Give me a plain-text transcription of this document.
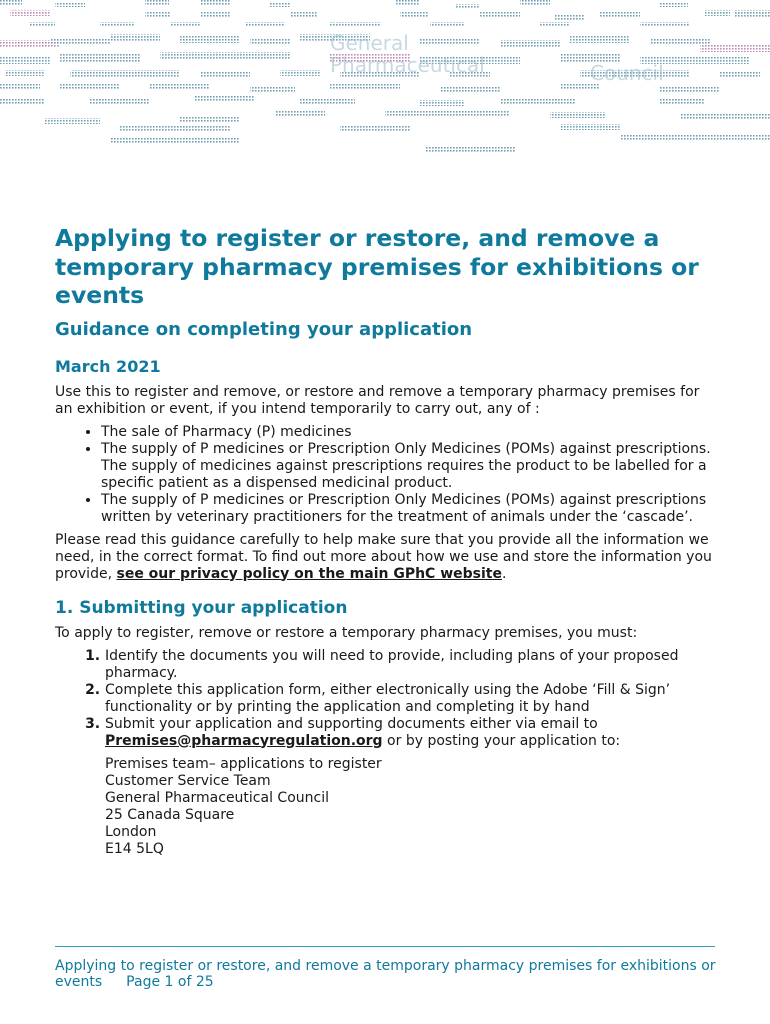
General
Pharmaceutical	Council
Applying to register or restore, and remove a temporary pharmacy premises for exhibitions or events
Guidance on completing your application
March 2021

Use this to register and remove, or restore and remove a temporary pharmacy premises for an exhibition or event, if you intend temporarily to carry out, any of :

• The sale of Pharmacy (P) medicines
• The supply of P medicines or Prescription Only Medicines (POMs) against prescriptions. The supply of medicines against prescriptions requires the product to be labelled for a specific patient as a dispensed medicinal product.
• The supply of P medicines or Prescription Only Medicines (POMs) against prescriptions written by veterinary practitioners for the treatment of animals under the ‘cascade’.

Please read this guidance carefully to help make sure that you provide all the information we need, in the correct format. To find out more about how we use and store the information you provide, see our privacy policy on the main GPhC website.

1. Submitting your application

To apply to register, remove or restore a temporary pharmacy premises, you must:

1. Identify the documents you will need to provide, including plans of your proposed pharmacy.
2. Complete this application form, either electronically using the Adobe ‘Fill & Sign’ functionality or by printing the application and completing it by hand
3. Submit your application and supporting documents either via email to Premises@pharmacyregulation.org or by posting your application to:
Premises team– applications to register
Customer Service Team
General Pharmaceutical Council
25 Canada Square
London
E14 5LQ
Applying to register or restore, and remove a temporary pharmacy premises for exhibitions or events Page 1 of 25
